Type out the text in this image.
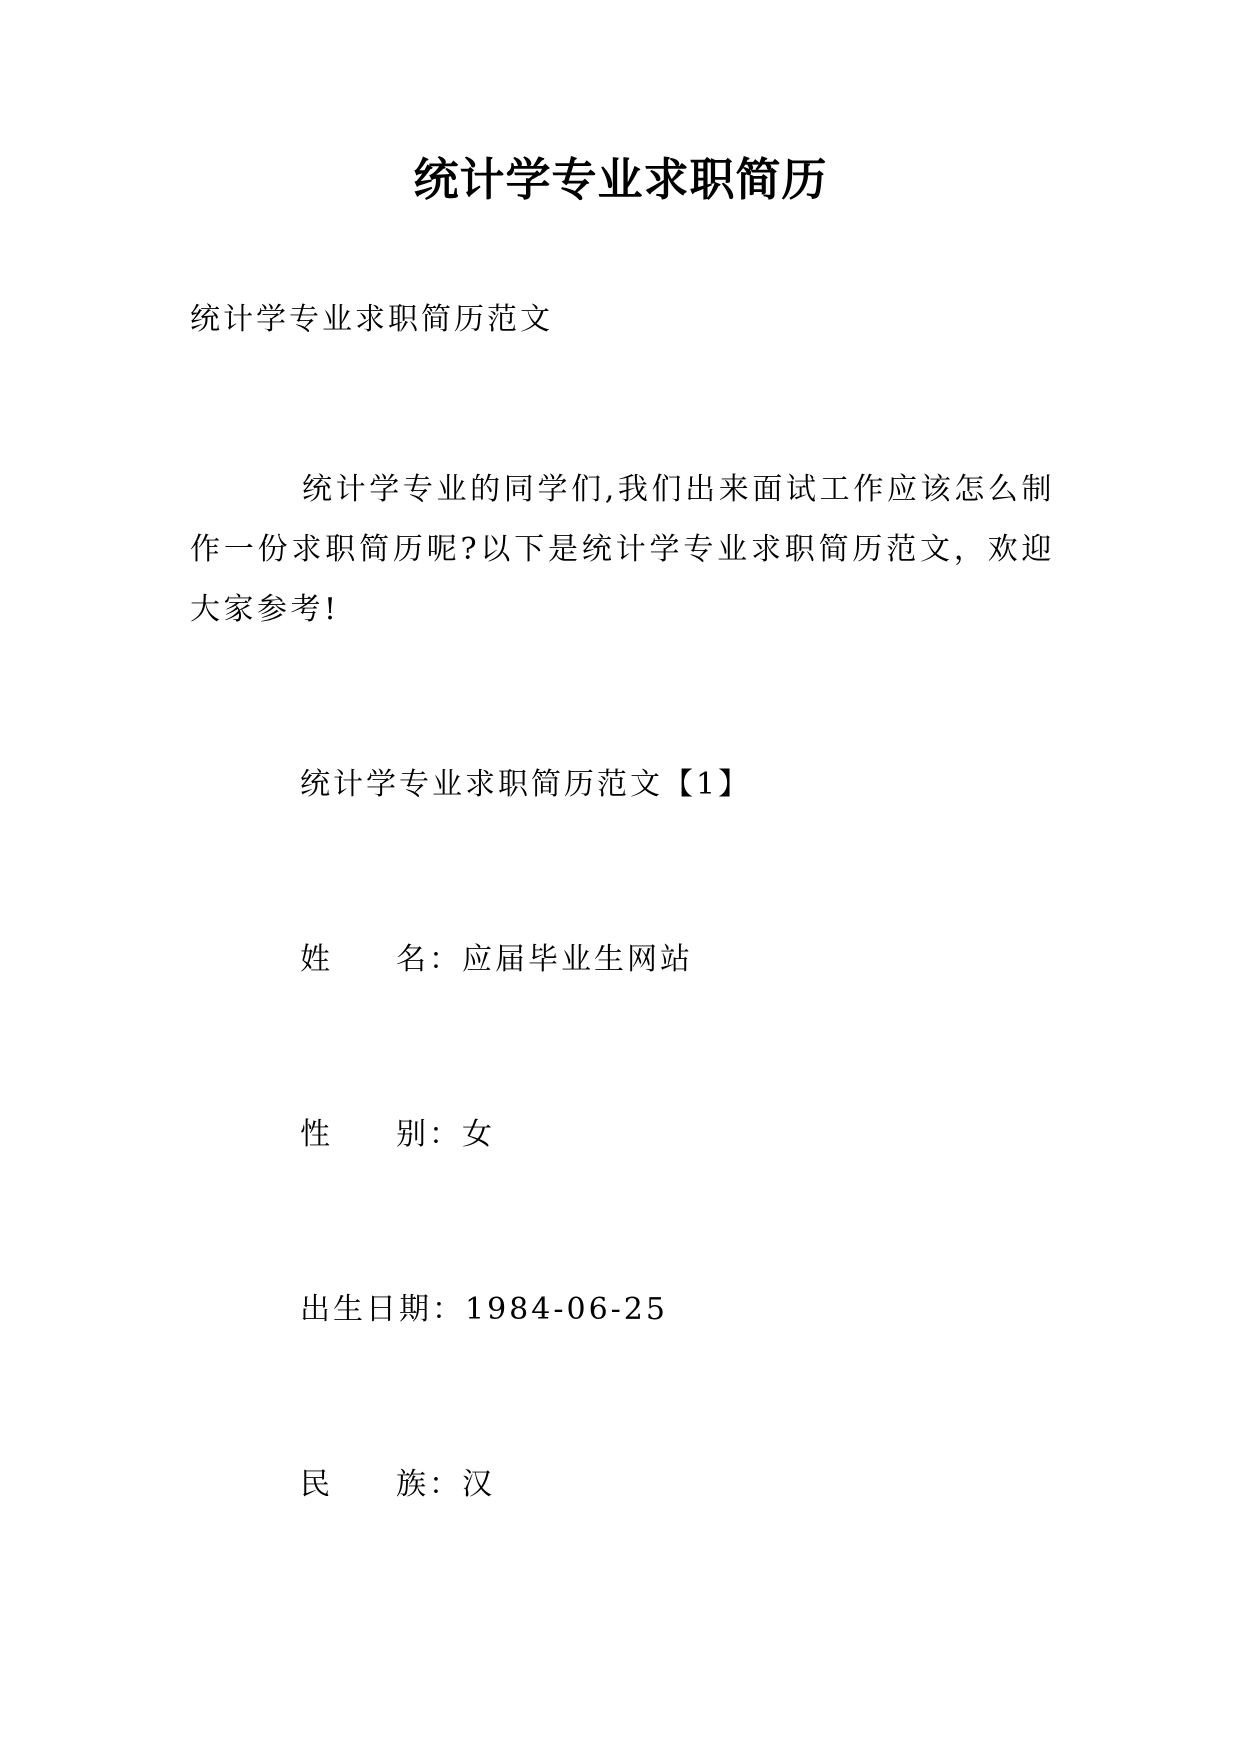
统计学专业求职简历

统计学专业求职简历范文

统计学专业的同学们,我们出来面试工作应该怎么制作一份求职简历呢?以下是统计学专业求职简历范文，欢迎大家参考!

统计学专业求职简历范文【1】

姓名：应届毕业生网站

性别：女

出生日期：1984-06-25

民族：汉
